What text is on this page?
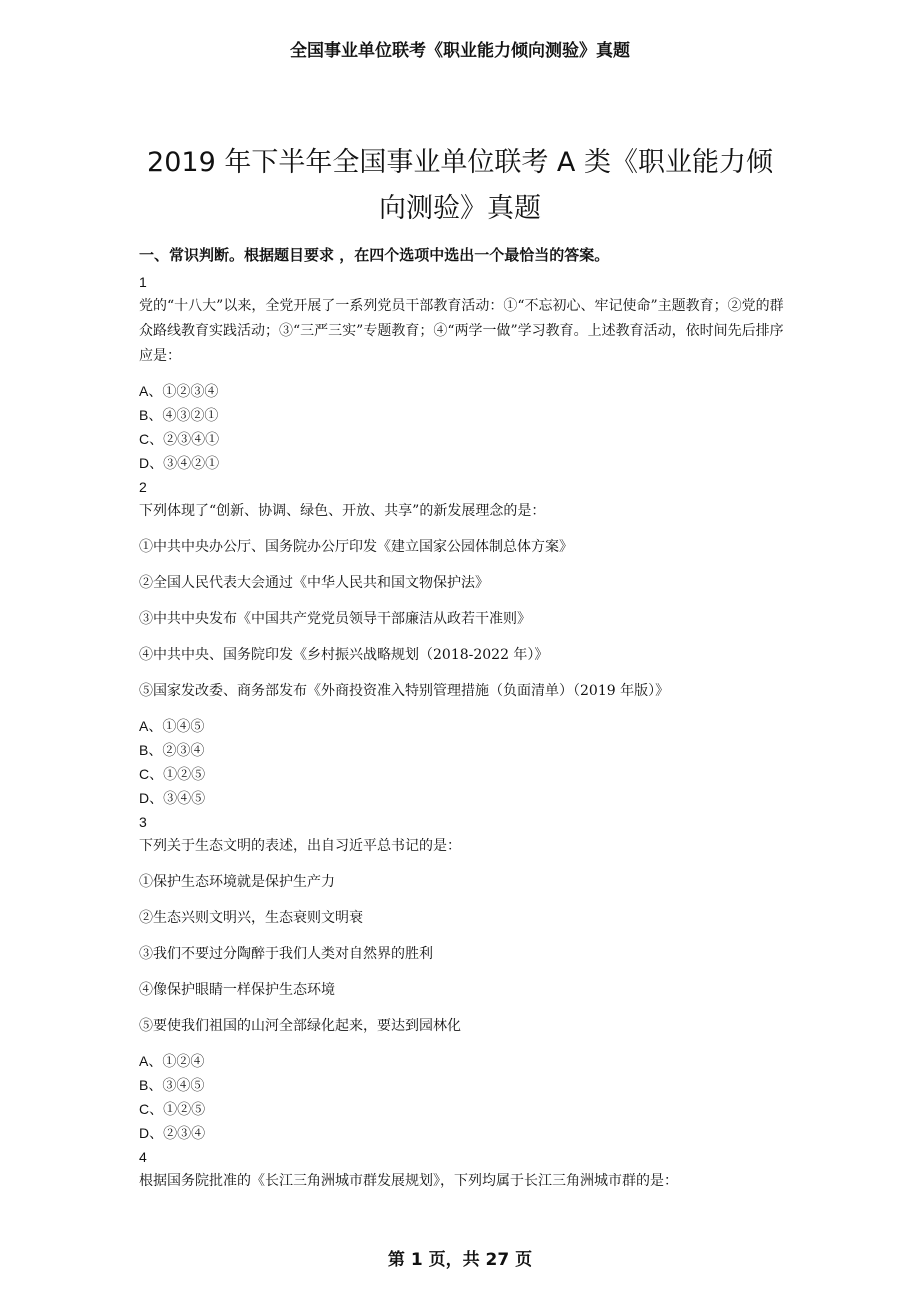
全国事业单位联考《职业能力倾向测验》真题
2019 年下半年全国事业单位联考 A 类《职业能力倾
向测验》真题

一、常识判断。根据题目要求 ，在四个选项中选出一个最恰当的答案。

1

党的“十八大”以来，全党开展了一系列党员干部教育活动：①“不忘初心、牢记使命”主题教育；②党的群众路线教育实践活动；③“三严三实”专题教育；④“两学一做”学习教育。上述教育活动，依时间先后排序应是：

A、①②③④

B、④③②①

C、②③④①

D、③④②①

2

下列体现了“创新、协调、绿色、开放、共享”的新发展理念的是：

①中共中央办公厅、国务院办公厅印发《建立国家公园体制总体方案》

②全国人民代表大会通过《中华人民共和国文物保护法》

③中共中央发布《中国共产党党员领导干部廉洁从政若干准则》

④中共中央、国务院印发《乡村振兴战略规划（2018-2022 年）》

⑤国家发改委、商务部发布《外商投资准入特别管理措施（负面清单）（2019 年版）》

A、①④⑤

B、②③④

C、①②⑤

D、③④⑤

3

下列关于生态文明的表述，出自习近平总书记的是：

①保护生态环境就是保护生产力

②生态兴则文明兴，生态衰则文明衰

③我们不要过分陶醉于我们人类对自然界的胜利

④像保护眼睛一样保护生态环境

⑤要使我们祖国的山河全部绿化起来，要达到园林化

A、①②④

B、③④⑤

C、①②⑤

D、②③④

4

根据国务院批准的《长江三角洲城市群发展规划》，下列均属于长江三角洲城市群的是：

第 1 页，共 27 页
